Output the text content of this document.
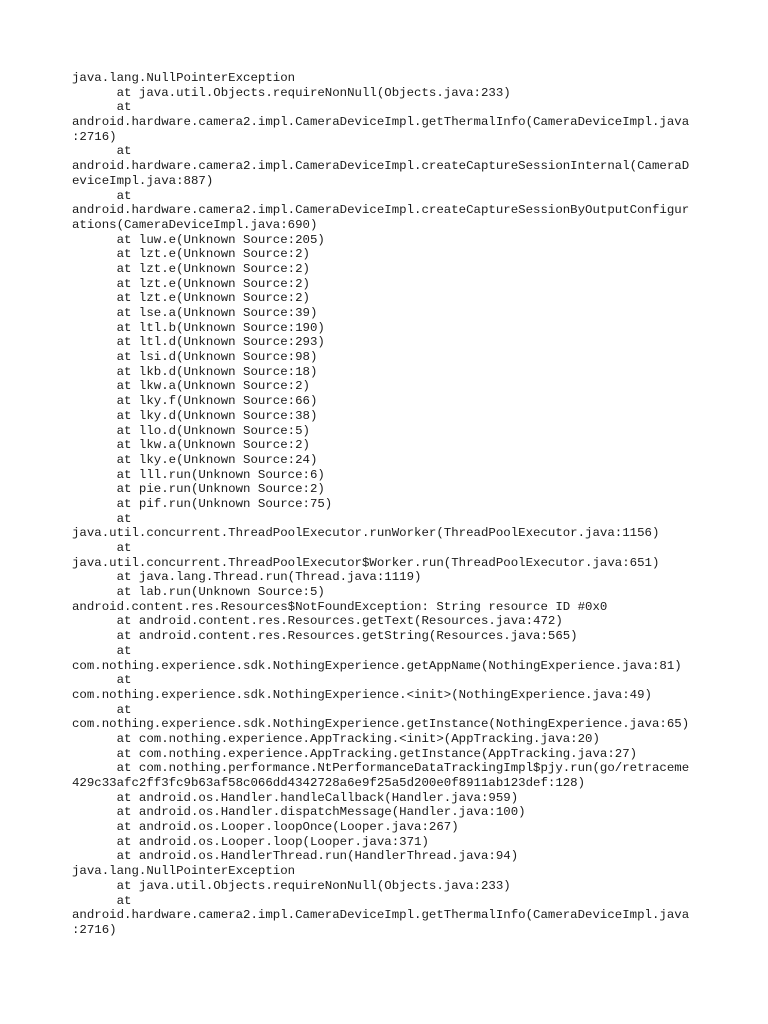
java.lang.NullPointerException
at java.util.Objects.requireNonNull(Objects.java:233)
at
android.hardware.camera2.impl.CameraDeviceImpl.getThermalInfo(CameraDeviceImpl.java
:2716)
at
android.hardware.camera2.impl.CameraDeviceImpl.createCaptureSessionInternal(CameraD
eviceImpl.java:887)
at
android.hardware.camera2.impl.CameraDeviceImpl.createCaptureSessionByOutputConfigur
ations(CameraDeviceImpl.java:690)
at luw.e(Unknown Source:205)
at lzt.e(Unknown Source:2)
at lzt.e(Unknown Source:2)
at lzt.e(Unknown Source:2)
at lzt.e(Unknown Source:2)
at lse.a(Unknown Source:39)
at ltl.b(Unknown Source:190)
at ltl.d(Unknown Source:293)
at lsi.d(Unknown Source:98)
at lkb.d(Unknown Source:18)
at lkw.a(Unknown Source:2)
at lky.f(Unknown Source:66)
at lky.d(Unknown Source:38)
at llo.d(Unknown Source:5)
at lkw.a(Unknown Source:2)
at lky.e(Unknown Source:24)
at lll.run(Unknown Source:6)
at pie.run(Unknown Source:2)
at pif.run(Unknown Source:75)
at
java.util.concurrent.ThreadPoolExecutor.runWorker(ThreadPoolExecutor.java:1156)
at
java.util.concurrent.ThreadPoolExecutor$Worker.run(ThreadPoolExecutor.java:651)
at java.lang.Thread.run(Thread.java:1119)
at lab.run(Unknown Source:5)
android.content.res.Resources$NotFoundException: String resource ID #0x0
at android.content.res.Resources.getText(Resources.java:472)
at android.content.res.Resources.getString(Resources.java:565)
at
com.nothing.experience.sdk.NothingExperience.getAppName(NothingExperience.java:81)
at
com.nothing.experience.sdk.NothingExperience.<init>(NothingExperience.java:49)
at
com.nothing.experience.sdk.NothingExperience.getInstance(NothingExperience.java:65)
at com.nothing.experience.AppTracking.<init>(AppTracking.java:20)
at com.nothing.experience.AppTracking.getInstance(AppTracking.java:27)
at com.nothing.performance.NtPerformanceDataTrackingImpl$pjy.run(go/retraceme
429c33afc2ff3fc9b63af58c066dd4342728a6e9f25a5d200e0f8911ab123def:128)
at android.os.Handler.handleCallback(Handler.java:959)
at android.os.Handler.dispatchMessage(Handler.java:100)
at android.os.Looper.loopOnce(Looper.java:267)
at android.os.Looper.loop(Looper.java:371)
at android.os.HandlerThread.run(HandlerThread.java:94)
java.lang.NullPointerException
at java.util.Objects.requireNonNull(Objects.java:233)
at
android.hardware.camera2.impl.CameraDeviceImpl.getThermalInfo(CameraDeviceImpl.java
:2716)
